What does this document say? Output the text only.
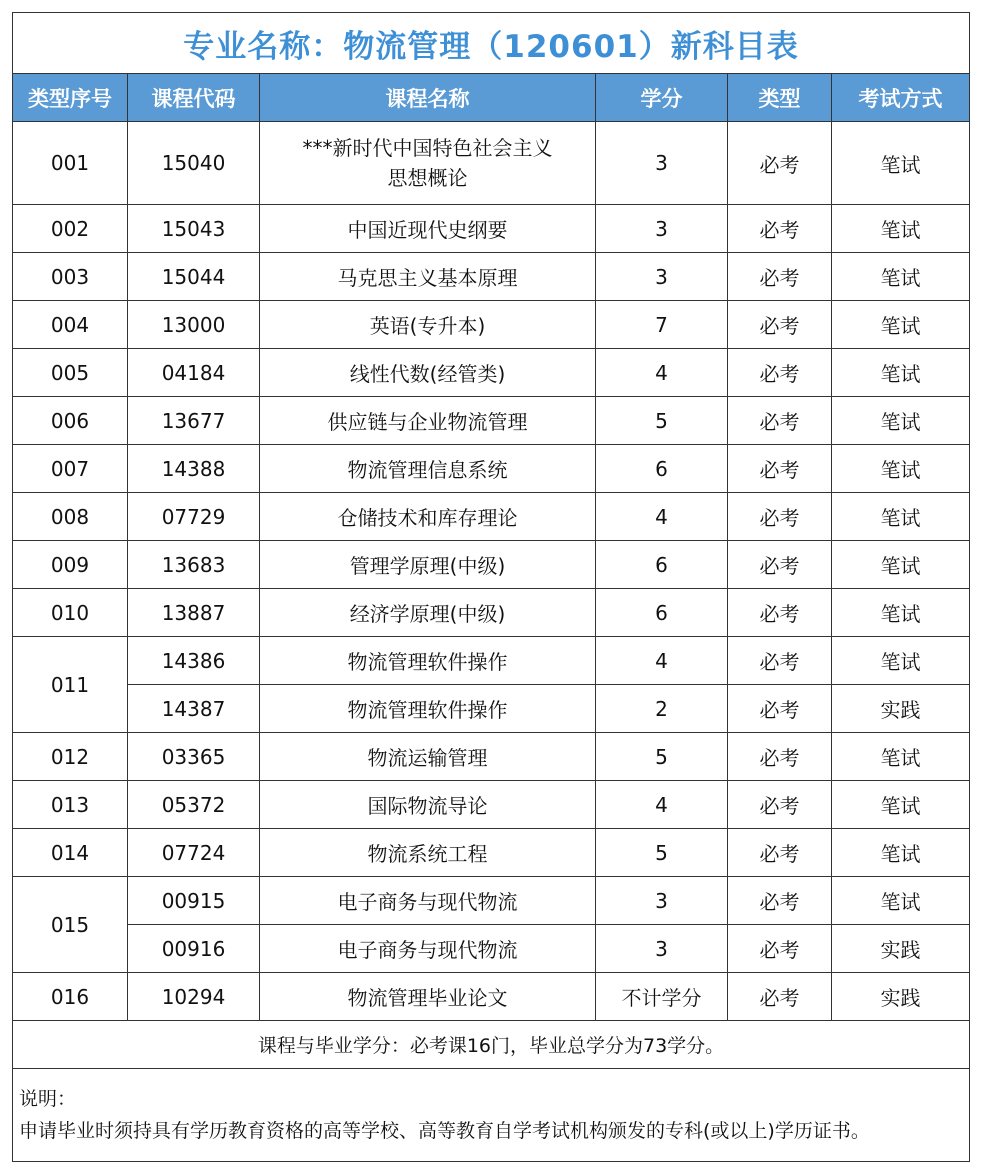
专业名称：物流管理（120601）新科目表					
类型序号	课程代码	课程名称	学分	类型	考试方式
001	15040	***新时代中国特色社会主义
思想概论	3	必考	笔试
002	15043	中国近现代史纲要	3	必考	笔试
003	15044	马克思主义基本原理	3	必考	笔试
004	13000	英语(专升本)	7	必考	笔试
005	04184	线性代数(经管类)	4	必考	笔试
006	13677	供应链与企业物流管理	5	必考	笔试
007	14388	物流管理信息系统	6	必考	笔试
008	07729	仓储技术和库存理论	4	必考	笔试
009	13683	管理学原理(中级)	6	必考	笔试
010	13887	经济学原理(中级)	6	必考	笔试
011	14386	物流管理软件操作	4	必考	笔试
	14387	物流管理软件操作	2	必考	实践
012	03365	物流运输管理	5	必考	笔试
013	05372	国际物流导论	4	必考	笔试
014	07724	物流系统工程	5	必考	笔试
015	00915	电子商务与现代物流	3	必考	笔试
	00916	电子商务与现代物流	3	必考	实践
016	10294	物流管理毕业论文	不计学分	必考	实践
课程与毕业学分：必考课16门，毕业总学分为73学分。					

说明：
申请毕业时须持具有学历教育资格的高等学校、高等教育自学考试机构颁发的专科(或以上)学历证书。					
